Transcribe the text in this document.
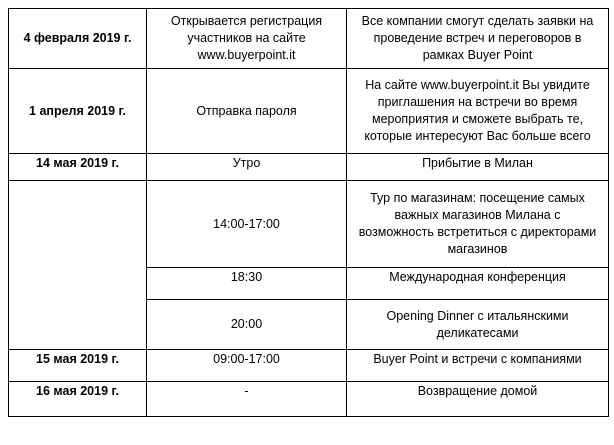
4 февраля 2019 г.	Открывается регистрация
участников на сайте
www.buyerpoint.it	Все компании смогут сделать заявки на
проведение встреч и переговоров в
рамках Buyer Point

1 апреля 2019 г.	Отправка пароля	На сайте www.buyerpoint.it Вы увидите
приглашения на встречи во время
мероприятия и сможете выбрать те,
которые интересуют Вас больше всего

14 мая 2019 г.	Утро	Прибытие в Милан

	14:00-17:00	Тур по магазинам: посещение самых
важных магазинов Милана с
возможность встретиться с директорами
магазинов

	18:30	Международная конференция

	20:00	Opening Dinner с итальянскими
деликатесами

15 мая 2019 г.	09:00-17:00	Buyer Point и встречи с компаниями

16 мая 2019 г.	-	Возвращение домой
